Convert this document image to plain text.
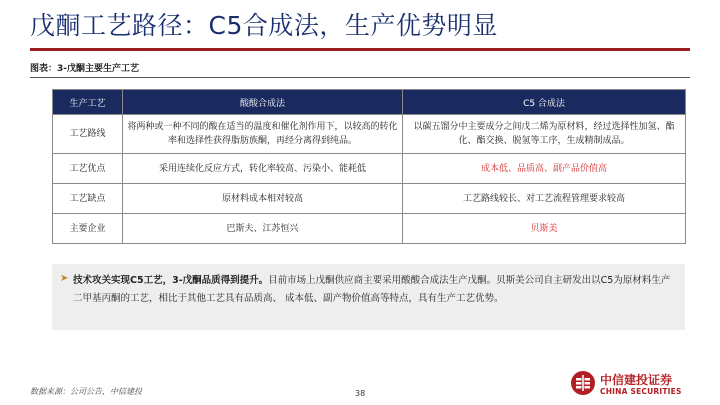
戊酮工艺路径：C5合成法，生产优势明显
图表：3-戊酮主要生产工艺
生产工艺	酸酸合成法	C5 合成法
工艺路线	将两种或一种不同的酸在适当的温度和催化剂作用下，以较高的转化率和选择性获得脂肪族酮，再经分离得到纯品。	以碳五馏分中主要成分之间戊二烯为原材料，经过选择性加氢、酯化、酯交换、脱氢等工序，生成精制成品。
工艺优点	采用连续化反应方式，转化率较高、污染小、能耗低	成本低、品质高、副产品价值高
工艺缺点	原材料成本相对较高	工艺路线较长、对工艺流程管理要求较高
主要企业	巴斯夫、江苏恒兴	贝斯美
➤ 技术攻关实现C5工艺，3-戊酮品质得到提升。目前市场上戊酮供应商主要采用酸酸合成法生产戊酮。贝斯美公司自主研发出以C5为原材料生产二甲基丙酮的工艺，相比于其他工艺具有品质高、 成本低、副产物价值高等特点，具有生产工艺优势。
数据来源：公司公告，中信建投	38
中信建投证券
CHINA SECURITIES
